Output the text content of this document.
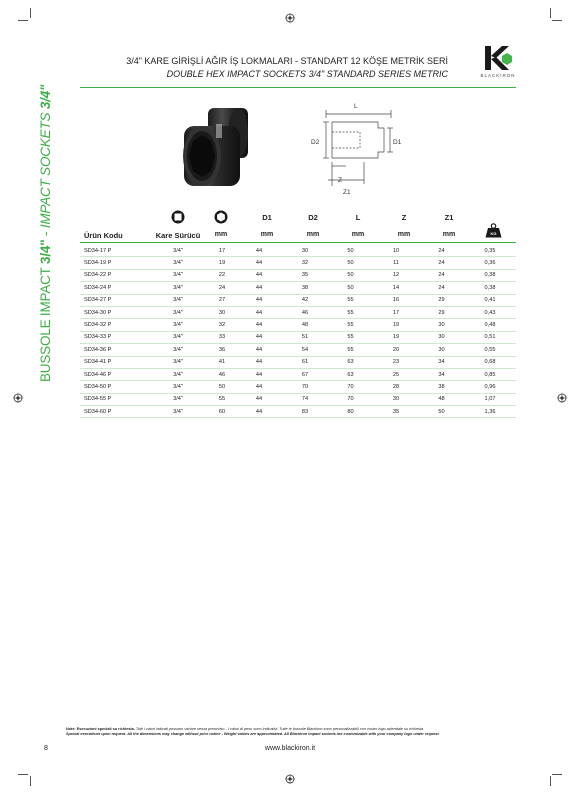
BUSSOLE IMPACT 3/4" - IMPACT SOCKETS 3/4"
3/4" KARE GİRİŞLİ AĞIR İŞ LOKMALARI - STANDART 12 KÖŞE METRİK SERİ
DOUBLE HEX IMPACT SOCKETS 3/4" STANDARD SERIES METRIC	BLACKIRON
L
D2	D1
Z
Z1
KG
D1	D2	L	Z	Z1
Ürün Kodu	Kare Sürücü	mm	mm	mm	mm	mm	mm
SD34-17 P	3/4"	17	44	30	50	10	24	0,35
SD34-19 P	3/4"	19	44	32	50	11	24	0,36
SD34-22 P	3/4"	22	44	35	50	12	24	0,38
SD34-24 P	3/4"	24	44	38	50	14	24	0,38
SD34-27 P	3/4"	27	44	42	55	16	29	0,41
SD34-30 P	3/4"	30	44	46	55	17	29	0,43
SD34-32 P	3/4"	32	44	48	55	19	30	0,48
SD34-33 P	3/4"	33	44	51	55	19	30	0,51
SD34-36 P	3/4"	36	44	54	55	20	30	0,55
SD34-41 P	3/4"	41	44	61	63	23	34	0,68
SD34-46 P	3/4"	46	44	67	63	25	34	0,85
SD34-50 P	3/4"	50	44	70	70	28	38	0,96
SD34-55 P	3/4"	55	44	74	70	30	48	1,07
SD34-60 P	3/4"	60	44	83	80	35	50	1,36
Note: Esecuzioni speciali su richiesta. Tutti i valori indicati possono variare senza preavviso - I valori di peso sono indicativi. Tutte le bussole Blackiron sono personalizzabili con vostro logo aziendale su richiesta.
Special executions upon request. All the dimensions may change without prior notice - Weight values are approximated. All Blackiron impact sockets are customizable with your company logo under request.
8	www.blackiron.it
